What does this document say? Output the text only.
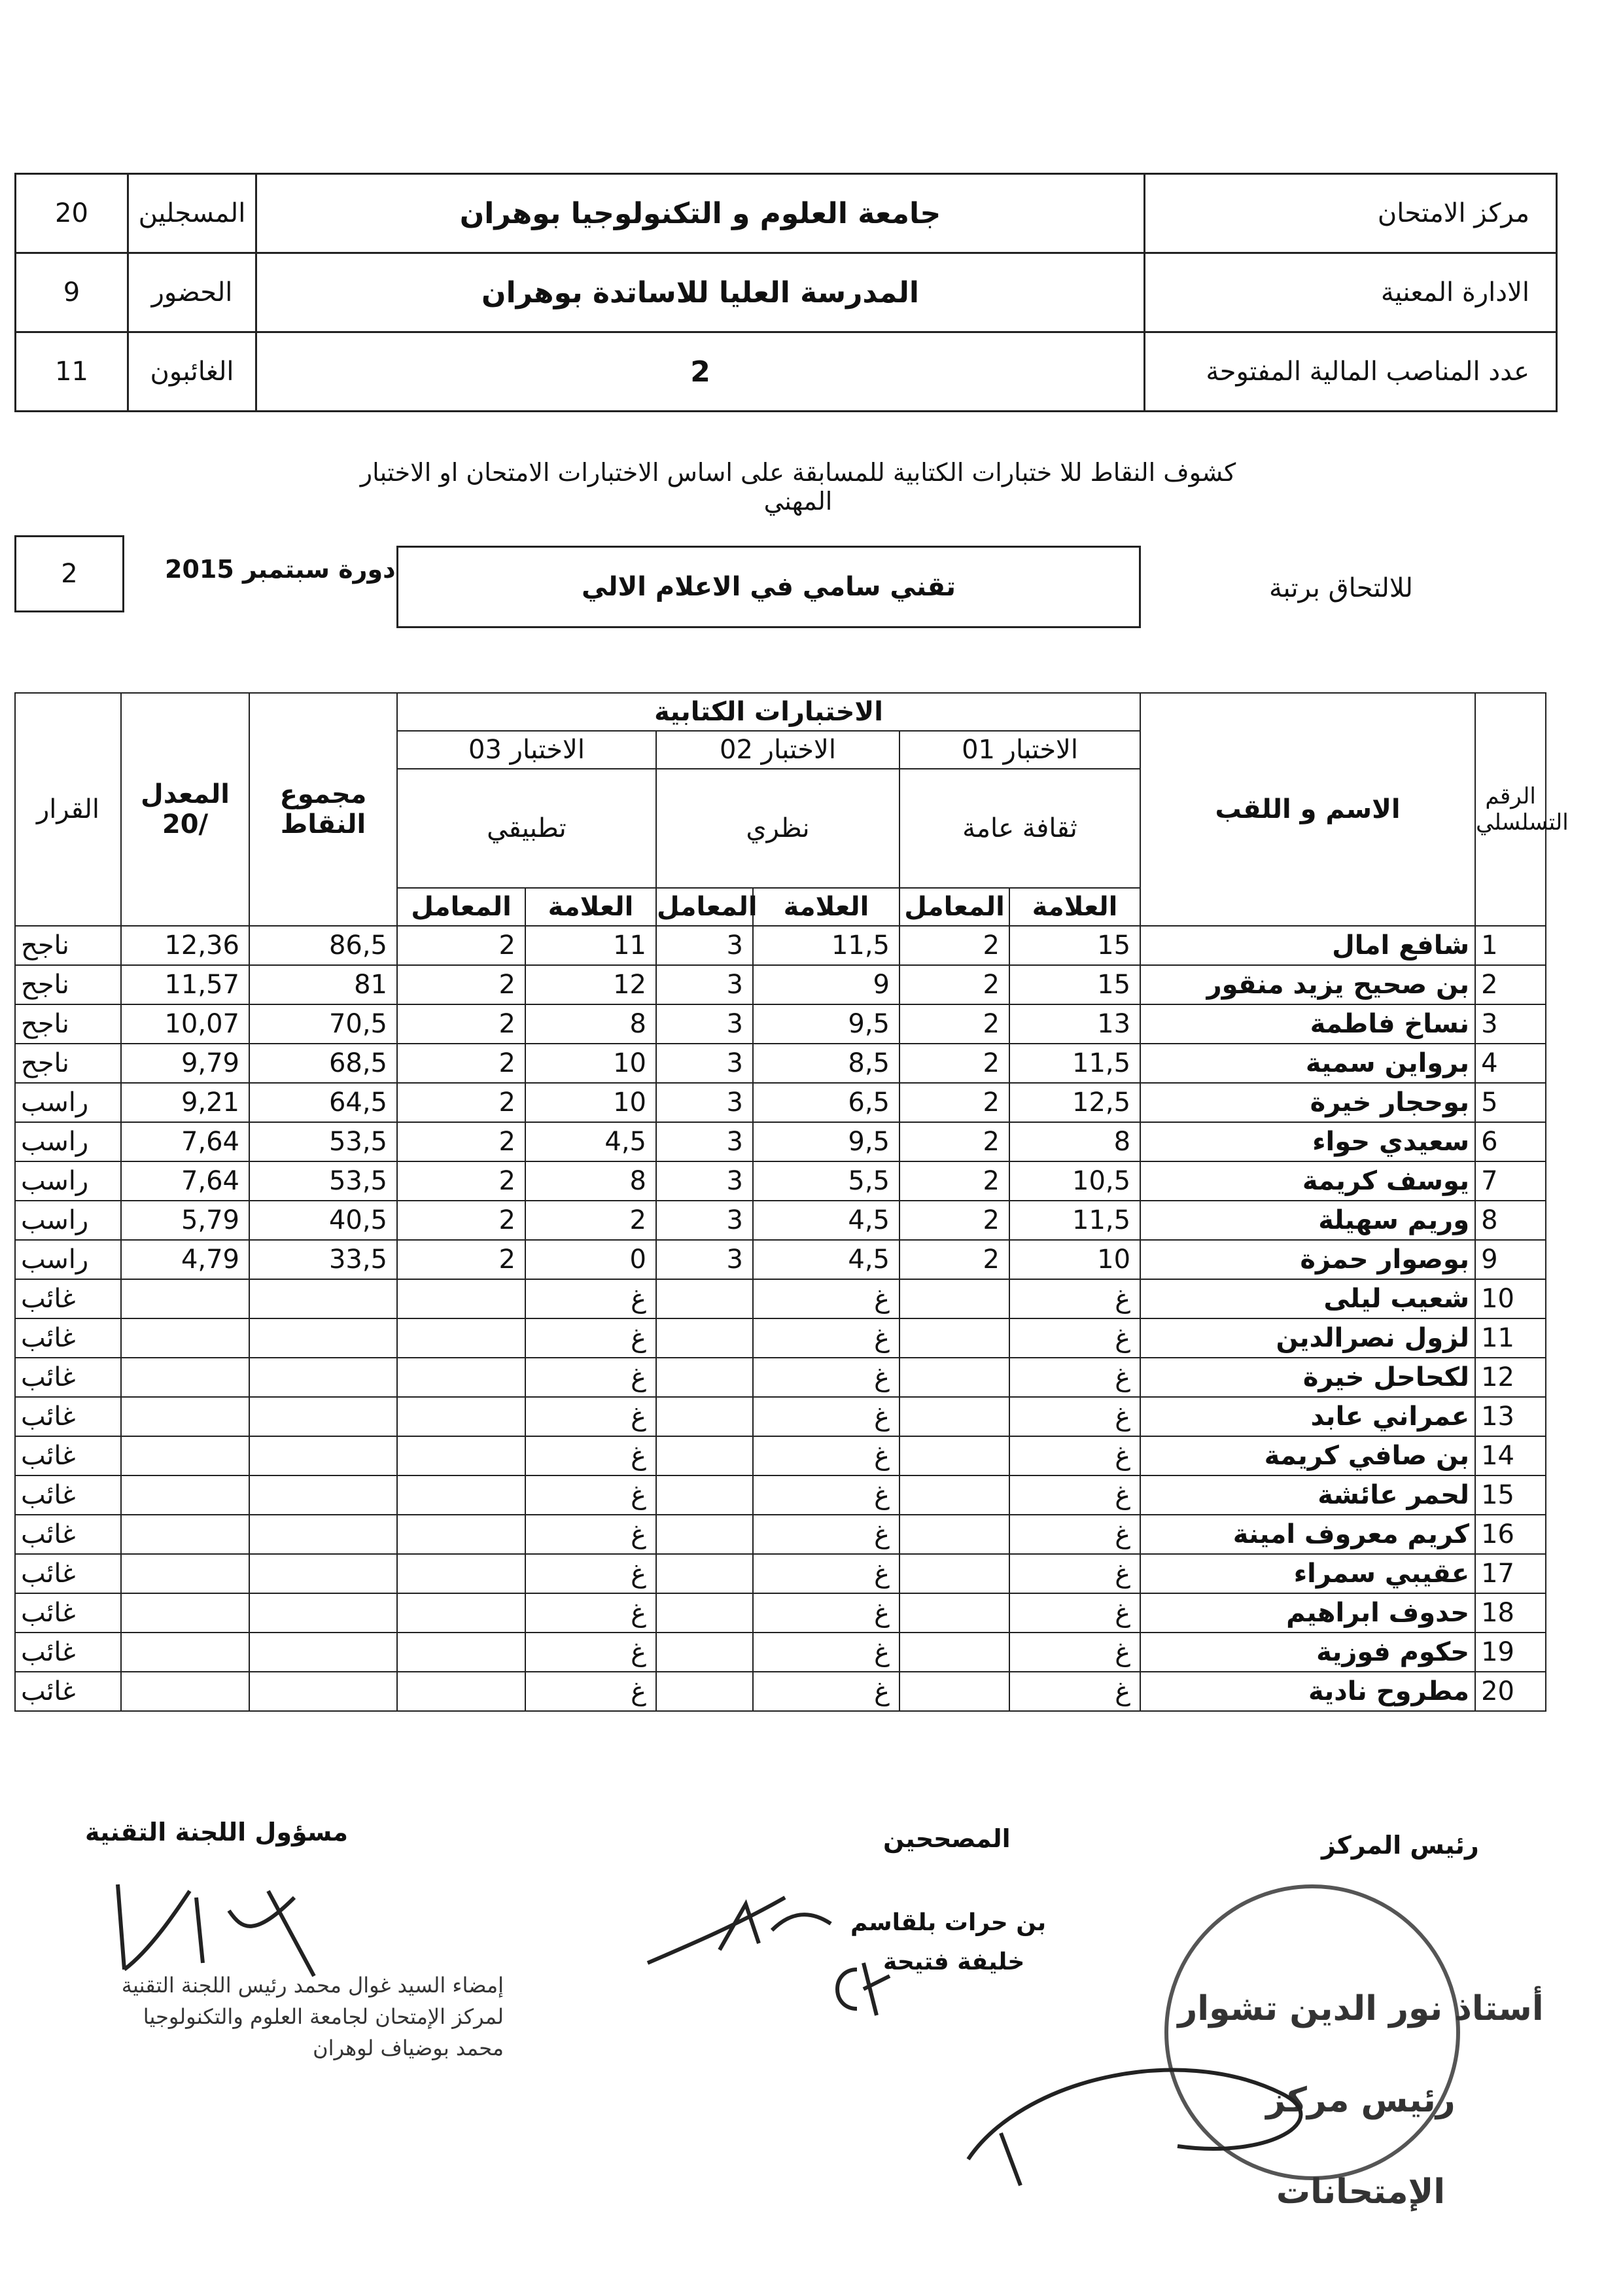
20	المسجلين	جامعة العلوم و التكنولوجيا بوهران	مركز الامتحان
9	الحضور	المدرسة العليا للاساتدة بوهران	الادارة المعنية
11	الغائبون	2	عدد المناصب المالية المفتوحة
كشوف النقاط للا ختبارات الكتابية للمسابقة على اساس الاختبارات الامتحان او الاختبار المهني
2	دورة سبتمبر 2015
تقني سامي في الاعلام الالي	للالتحاق برتبة
القرار	المعدل /20	مجموع النقاط	الاختبارات الكتابية						الاسم و اللقب	الرقم التسلسلي
			الاختبار 03		الاختبار 02		الاختبار 01			
			تطبيقي		نظري		ثقافة عامة			
			المعامل	العلامة	المعامل	العلامة	المعامل	العلامة		
ناجح	12,36	86,5	2	11	3	11,5	2	15	شافع امال	1
ناجح	11,57	81	2	12	3	9	2	15	بن صحيح يزيد منقور	2
ناجح	10,07	70,5	2	8	3	9,5	2	13	نساخ فاطمة	3
ناجح	9,79	68,5	2	10	3	8,5	2	11,5	برواين سمية	4
راسب	9,21	64,5	2	10	3	6,5	2	12,5	بوحجار خيرة	5
راسب	7,64	53,5	2	4,5	3	9,5	2	8	سعيدي حواء	6
راسب	7,64	53,5	2	8	3	5,5	2	10,5	يوسف كريمة	7
راسب	5,79	40,5	2	2	3	4,5	2	11,5	وريم سهيلة	8
راسب	4,79	33,5	2	0	3	4,5	2	10	بوصوار حمزة	9
غائب				غ		غ		غ	شعيب ليلى	10
غائب				غ		غ		غ	لزول نصرالدين	11
غائب				غ		غ		غ	لكحاحل خيرة	12
غائب				غ		غ		غ	عمراني عابد	13
غائب				غ		غ		غ	بن صافي كريمة	14
غائب				غ		غ		غ	لحمر عائشة	15
غائب				غ		غ		غ	كريم معروف امينة	16
غائب				غ		غ		غ	عقيبي سمراء	17
غائب				غ		غ		غ	حدوف ابراهيم	18
غائب				غ		غ		غ	حكوم فوزية	19
غائب				غ		غ		غ	مطروح نادية	20
مسؤول اللجنة التقنية
إمضاء السيد غوال محمد رئيس اللجنة التقنية لمركز الإمتحان لجامعة العلوم والتكنولوجيا محمد بوضياف لوهران
المصححين
بن حرات بلقاسم
خليفة فتيحة
رئيس المركز
أستاذ نور الدين تشوار رئيس مركز الإمتحانات
